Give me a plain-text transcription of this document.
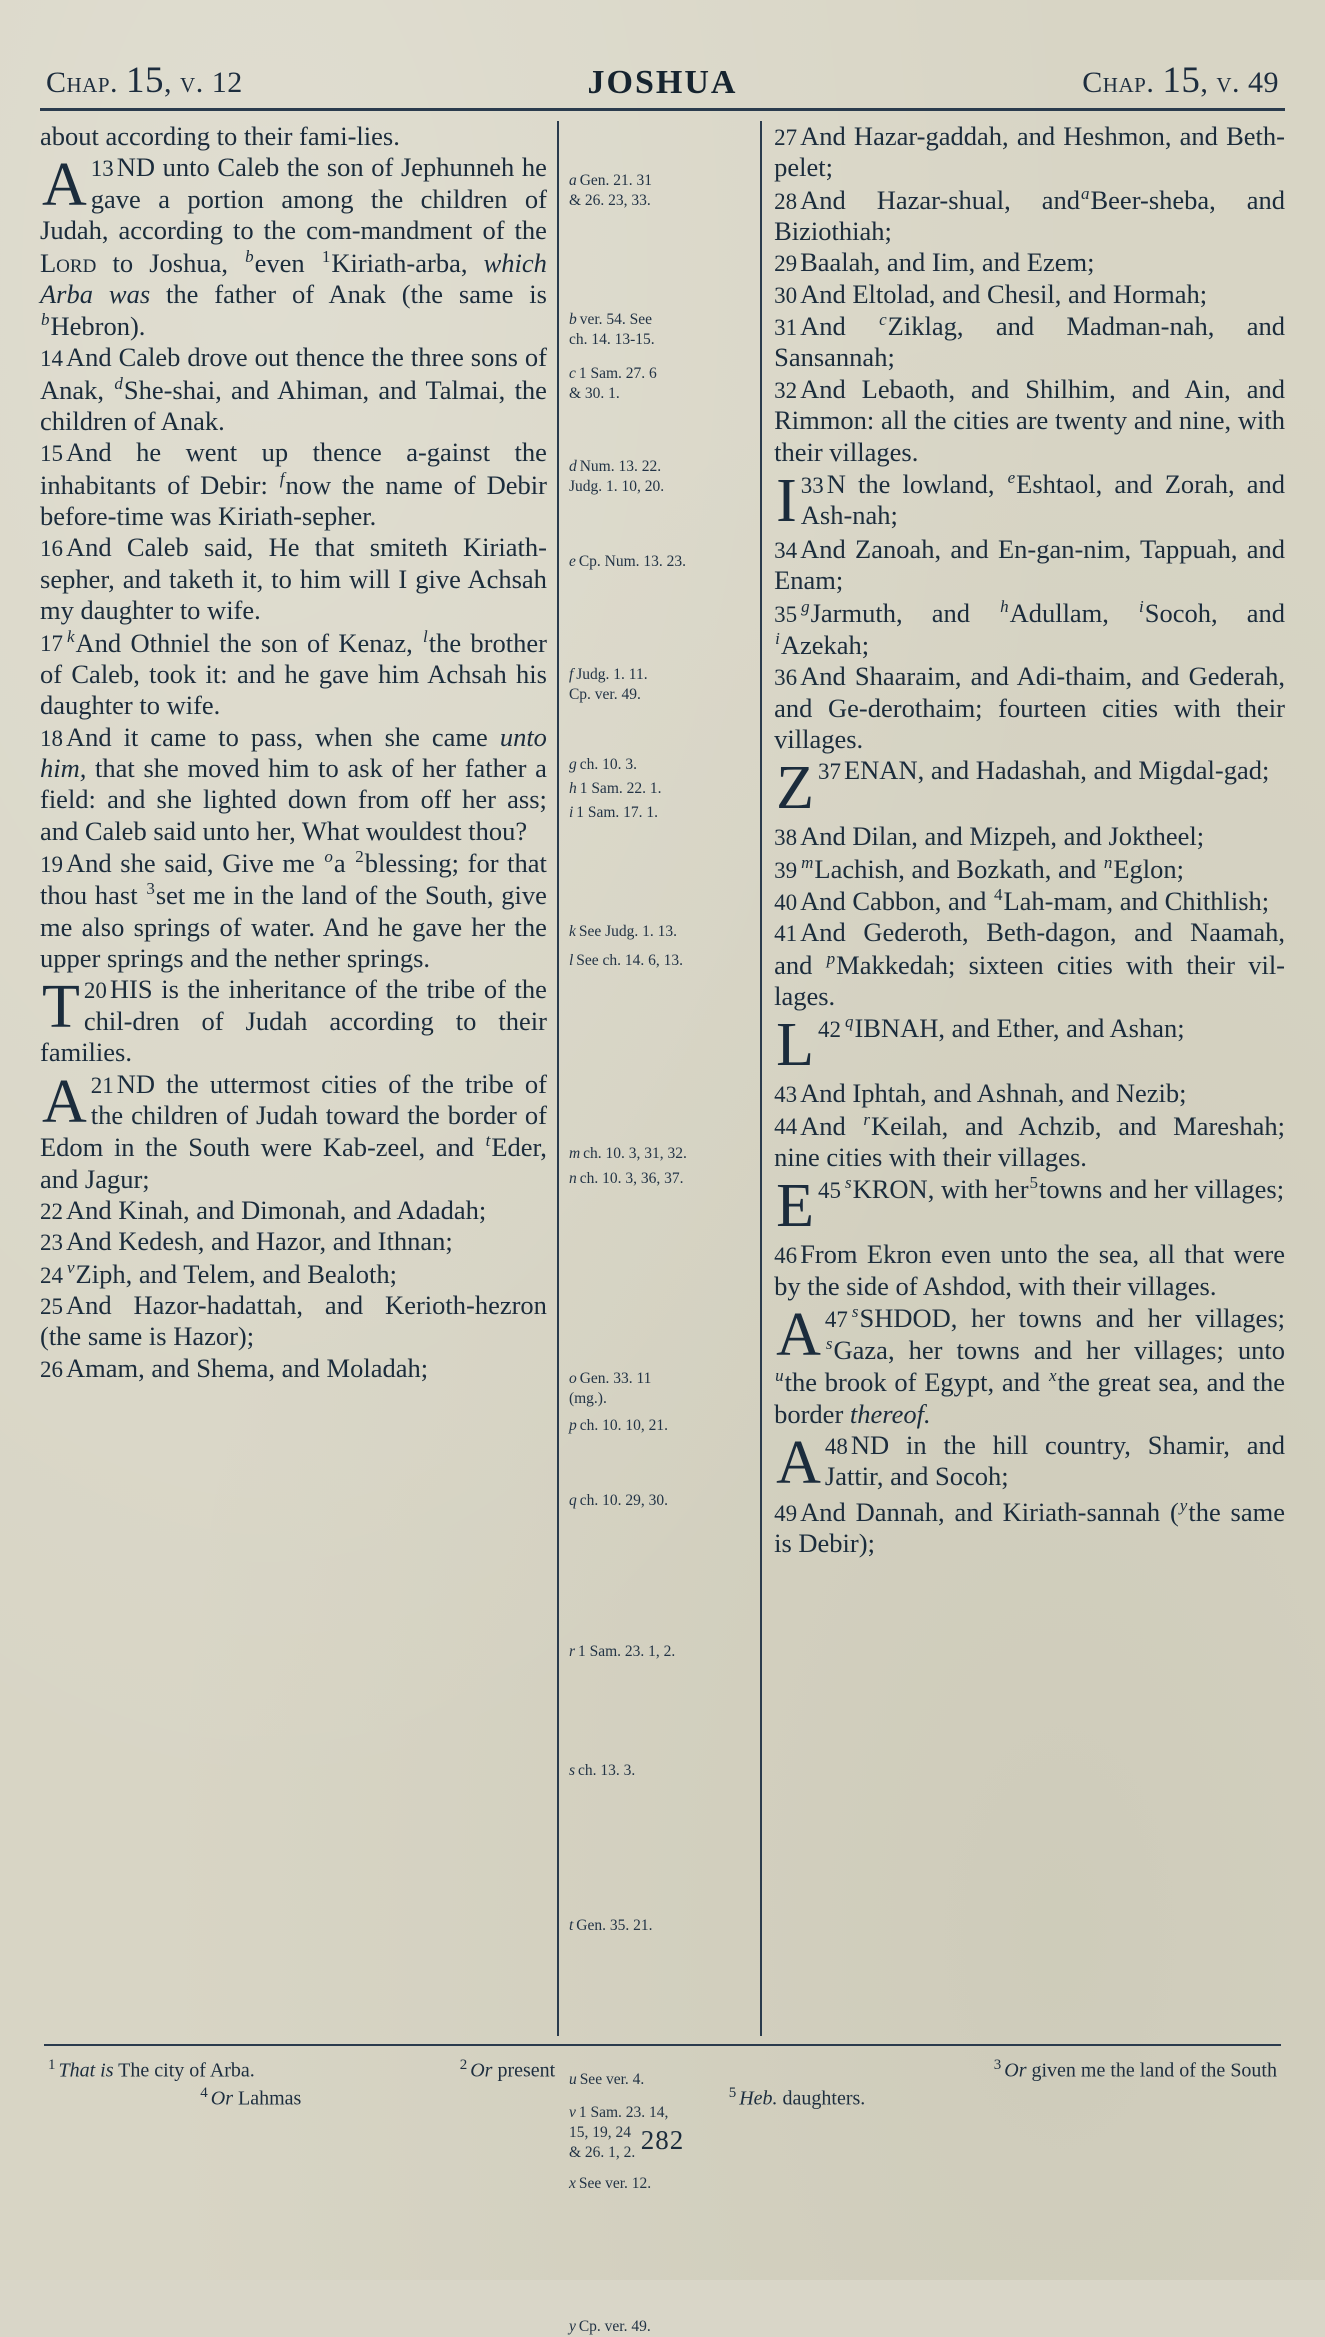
Chap. 15, v. 12	JOSHUA	Chap. 15, v. 49

about according to their fami-lies.

13
A ND unto Caleb the son of Jephunneh he gave a portion among the children of Judah, according to the com-mandment of the Lord to Joshua, $^b$even $^1$Kiriath-arba, which Arba was the father of Anak (the same is $^b$Hebron).

14 And Caleb drove out thence the three sons of Anak, $^d$She-shai, and Ahiman, and Talmai, the children of Anak.

15 And he went up thence a-gainst the inhabitants of Debir: $^f$now the name of Debir before-time was Kiriath-sepher.

16 And Caleb said, He that smiteth Kiriath-sepher, and taketh it, to him will I give Achsah my daughter to wife.

17 $^k$And Othniel the son of Kenaz, $^l$the brother of Caleb, took it: and he gave him Achsah his daughter to wife.

18 And it came to pass, when she came unto him, that she moved him to ask of her father a field: and she lighted down from off her ass; and Caleb said unto her, What wouldest thou?

19 And she said, Give me $^o$a $^2$blessing; for that thou hast $^3$set me in the land of the South, give me also springs of water. And he gave her the upper springs and the nether springs.

20
T HIS is the inheritance of the tribe of the chil-dren of Judah according to their families.
21
A ND the uttermost cities of the tribe of the children of Judah toward the border of Edom in the South were Kab-zeel, and $^t$Eder, and Jagur;

22 And Kinah, and Dimonah, and Adadah;

23 And Kedesh, and Hazor, and Ithnan;

24 $^v$Ziph, and Telem, and Bealoth;

25 And Hazor-hadattah, and Kerioth-hezron (the same is Hazor);

26 Amam, and Shema, and Moladah;

a Gen. 21. 31
& 26. 23, 33.
b ver. 54. See
ch. 14. 13-15.
c 1 Sam. 27. 6
& 30. 1.
d Num. 13. 22.
Judg. 1. 10, 20.
e Cp. Num. 13. 23.
f Judg. 1. 11.
Cp. ver. 49.
g ch. 10. 3.
h 1 Sam. 22. 1.
i 1 Sam. 17. 1.
k See Judg. 1. 13.
l See ch. 14. 6, 13.
m ch. 10. 3, 31, 32.
n ch. 10. 3, 36, 37.
o Gen. 33. 11
(mg.).
p ch. 10. 10, 21.
q ch. 10. 29, 30.
r 1 Sam. 23. 1, 2.
s ch. 13. 3.
t Gen. 35. 21.
u See ver. 4.
v 1 Sam. 23. 14,
15, 19, 24
& 26. 1, 2.
x See ver. 12.
y Cp. ver. 49.

27 And Hazar-gaddah, and Heshmon, and Beth-pelet;

28 And Hazar-shual, and$^a$Beer-sheba, and Biziothiah;

29 Baalah, and Iim, and Ezem;

30 And Eltolad, and Chesil, and Hormah;

31 And $^c$Ziklag, and Madman-nah, and Sansannah;

32 And Lebaoth, and Shilhim, and Ain, and Rimmon: all the cities are twenty and nine, with their villages.

33
I N the lowland, $^e$Eshtaol, and Zorah, and Ash-nah;

34 And Zanoah, and En-gan-nim, Tappuah, and Enam;

35 $^g$Jarmuth, and $^h$Adullam, $^i$Socoh, and $^i$Azekah;

36 And Shaaraim, and Adi-thaim, and Gederah, and Ge-derothaim; fourteen cities with their villages.

37
Z ENAN, and Hadashah, and Migdal-gad;

38 And Dilan, and Mizpeh, and Joktheel;

39 $^m$Lachish, and Bozkath, and $^n$Eglon;

40 And Cabbon, and $^4$Lah-mam, and Chithlish;

41 And Gederoth, Beth-dagon, and Naamah, and $^p$Makkedah; sixteen cities with their vil-lages.

42 $^q$
L IBNAH, and Ether, and Ashan;

43 And Iphtah, and Ashnah, and Nezib;

44 And $^r$Keilah, and Achzib, and Mareshah; nine cities with their villages.

45 $^s$
E KRON, with her$^5$towns and her villages;

46 From Ekron even unto the sea, all that were by the side of Ashdod, with their villages.

47 $^s$
A SHDOD, her towns and her villages; $^s$Gaza, her towns and her villages; unto $^u$the brook of Egypt, and $^x$the great sea, and the border thereof.
48
A ND in the hill country, Shamir, and Jattir, and Socoh;

49 And Dannah, and Kiriath-sannah ($^y$the same is Debir);

$^1$ That is The city of Arba.
$^4$ Or Lahmas
$^2$ Or present
$^5$ Heb. daughters.
$^3$ Or given me the land of the South
282
